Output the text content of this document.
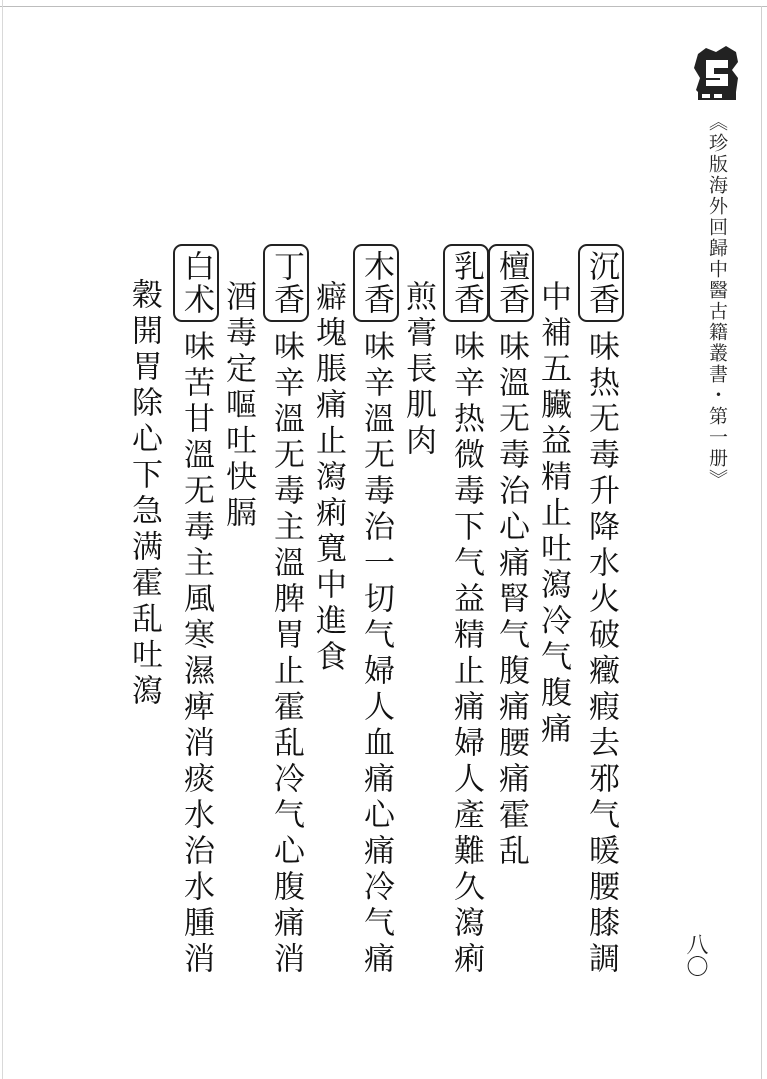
《珍版海外回歸中醫古籍叢書・第一册》
沉香味热无毒升降水火破癥瘕去邪气暖腰膝調
中補五臟益精止吐瀉冷气腹痛
檀香味溫无毒治心痛腎气腹痛腰痛霍乱
乳香味辛热微毒下气益精止痛婦人產難久瀉痢
煎膏長肌肉
木香味辛溫无毒治一切气婦人血痛心痛冷气痛
癖塊脹痛止瀉痢寬中進食
丁香味辛溫无毒主溫脾胃止霍乱冷气心腹痛消
酒毒定嘔吐快膈
白术味苦甘溫无毒主風寒濕痺消痰水治水腫消
穀開胃除心下急满霍乱吐瀉
八〇
